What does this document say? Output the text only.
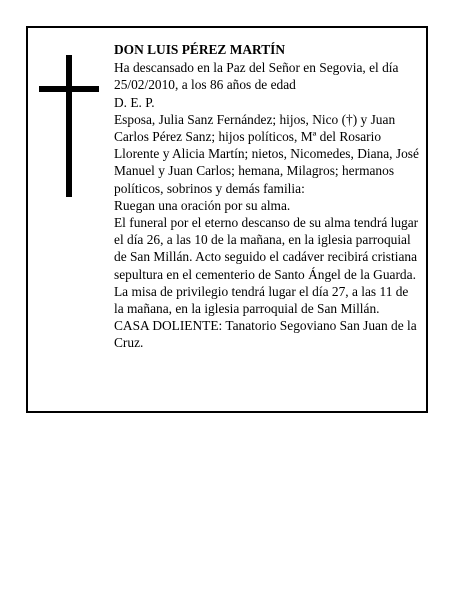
DON LUIS PÉREZ MARTÍN

Ha descansado en la Paz del Señor en Segovia, el día 25/02/2010, a los 86 años de edad

D. E. P.

Esposa, Julia Sanz Fernández; hijos, Nico (†) y Juan Carlos Pérez Sanz; hijos políticos, Mª del Rosario Llorente y Alicia Martín; nietos, Nicomedes, Diana, José Manuel y Juan Carlos; hemana, Milagros; hermanos políticos, sobrinos y demás familia:

Ruegan una oración por su alma.

El funeral por el eterno descanso de su alma tendrá lugar el día 26, a las 10 de la mañana, en la iglesia parroquial de San Millán. Acto seguido el cadáver recibirá cristiana sepultura en el cementerio de Santo Ángel de la Guarda. La misa de privilegio tendrá lugar el día 27, a las 11 de la mañana, en la iglesia parroquial de San Millán.

CASA DOLIENTE: Tanatorio Segoviano San Juan de la Cruz.
